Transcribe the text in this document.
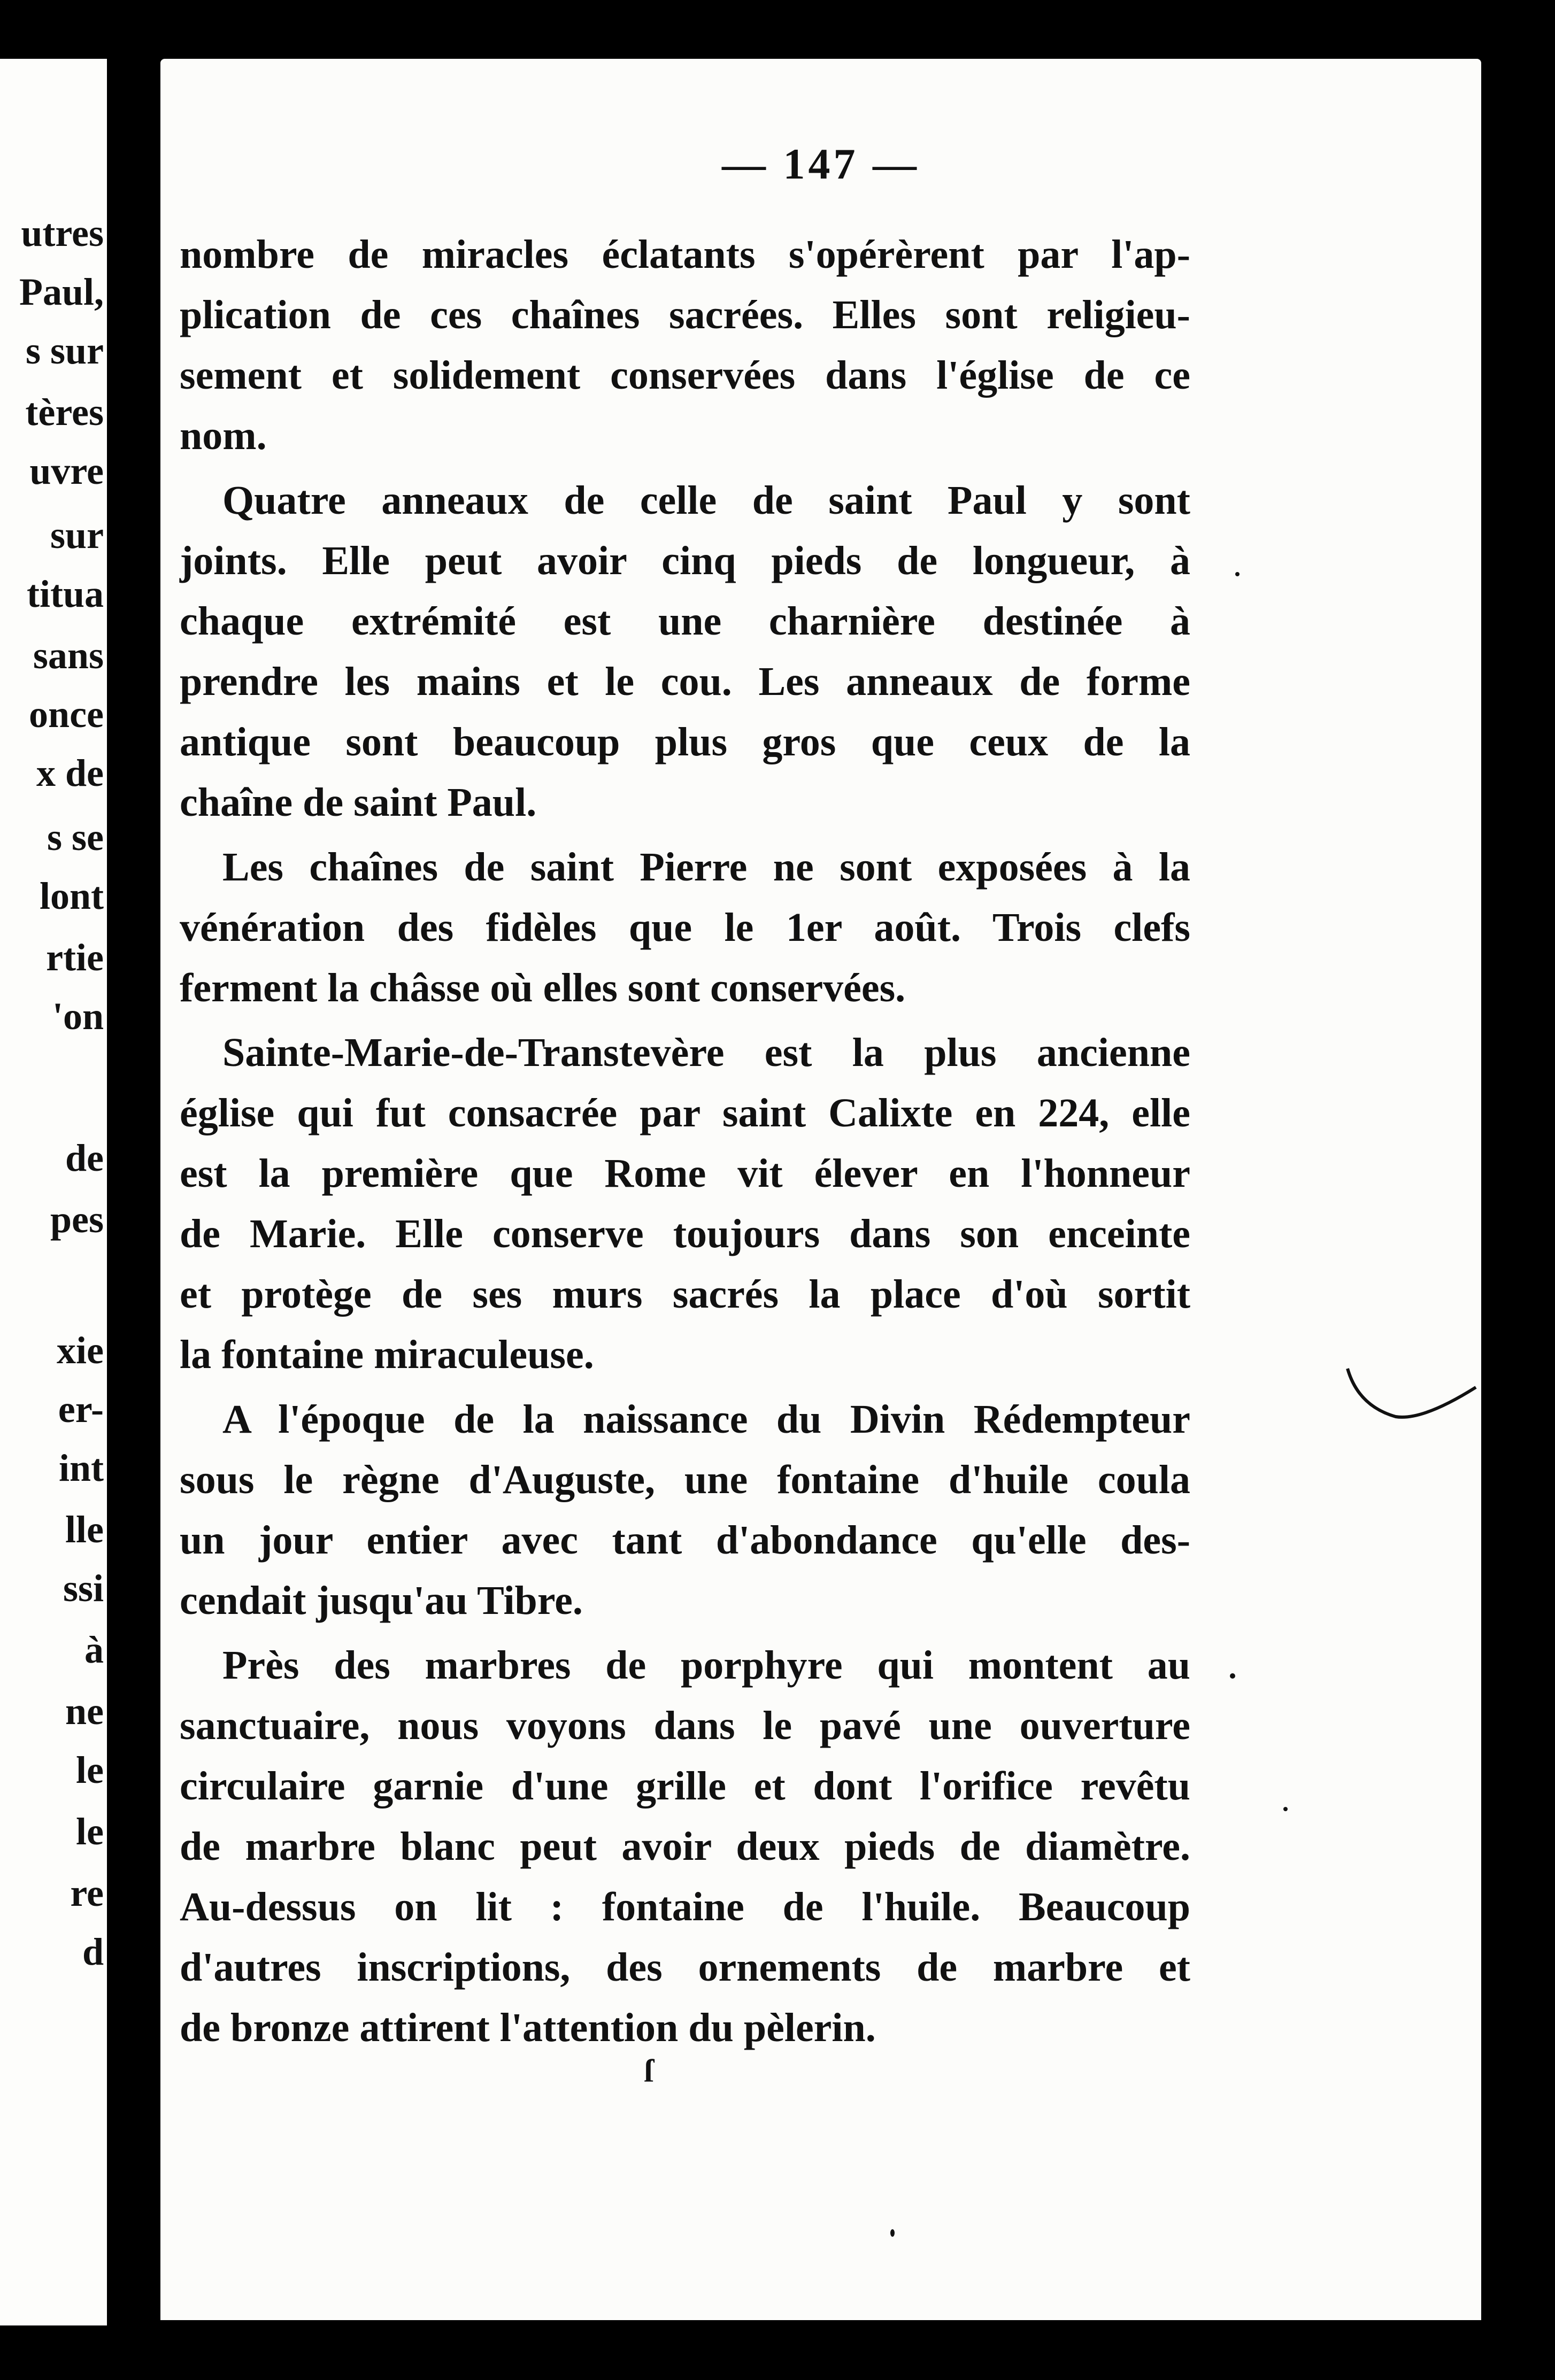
utres
Paul,
s sur
tères
uvre
sur
titua
sans
once
x de
s se
lont
rtie
'on
de
pes
xie
er-
int
lle
ssi
à
ne
le
le
re
d
— 147 —
nombre de miracles éclatants s'opérèrent par l'ap-
plication de ces chaînes sacrées. Elles sont religieu-
sement et solidement conservées dans l'église de ce
nom.
Quatre anneaux de celle de saint Paul y sont
joints. Elle peut avoir cinq pieds de longueur, à
chaque extrémité est une charnière destinée à
prendre les mains et le cou. Les anneaux de forme
antique sont beaucoup plus gros que ceux de la
chaîne de saint Paul.
Les chaînes de saint Pierre ne sont exposées à la
vénération des fidèles que le 1er août. Trois clefs
ferment la châsse où elles sont conservées.
Sainte-Marie-de-Transtevère est la plus ancienne
église qui fut consacrée par saint Calixte en 224, elle
est la première que Rome vit élever en l'honneur
de Marie. Elle conserve toujours dans son enceinte
et protège de ses murs sacrés la place d'où sortit
la fontaine miraculeuse.
A l'époque de la naissance du Divin Rédempteur
sous le règne d'Auguste, une fontaine d'huile coula
un jour entier avec tant d'abondance qu'elle des-
cendait jusqu'au Tibre.
Près des marbres de porphyre qui montent au
sanctuaire, nous voyons dans le pavé une ouverture
circulaire garnie d'une grille et dont l'orifice revêtu
de marbre blanc peut avoir deux pieds de diamètre.
Au-dessus on lit : fontaine de l'huile. Beaucoup
d'autres inscriptions, des ornements de marbre et
de bronze attirent l'attention du pèlerin.
ſ
